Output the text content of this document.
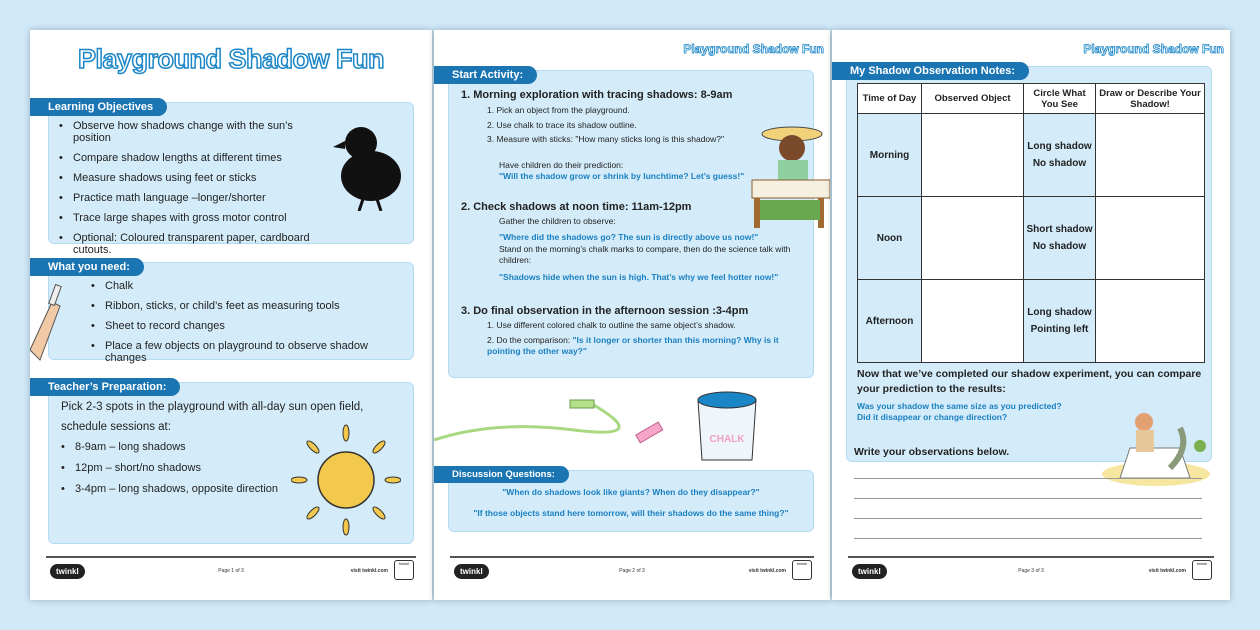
Playground Shadow Fun
• Observe how shadows change with the sun’s position
• Compare shadow lengths at different times
• Measure shadows using feet or sticks
• Practice math language –longer/shorter
• Trace large shapes with gross motor control
• Optional: Coloured transparent paper, cardboard cutouts.
Learning Objectives
• Chalk
• Ribbon, sticks, or child’s feet as measuring tools
• Sheet to record changes
• Place a few objects on playground to observe shadow changes
What you need:
Pick 2-3 spots in the playground with all-day sun open field,
schedule sessions at:
• 8-9am – long shadows
• 12pm – short/no shadows
• 3-4pm – long shadows, opposite direction
Teacher’s Preparation:
twinkl	Page 1 of 3	visit twinkl.com
twinkl
Playground Shadow Fun
1. Morning exploration with tracing shadows: 8-9am
1. Pick an object from the playground.
2. Use chalk to trace its shadow outline.
3. Measure with sticks: "How many sticks long is this shadow?"
Have children do their prediction:
"Will the shadow grow or shrink by lunchtime? Let’s guess!"
2. Check shadows at noon time: 11am-12pm
Gather the children to observe:
"Where did the shadows go? The sun is directly above us now!"
Stand on the morning’s chalk marks to compare, then do the science talk with children:
"Shadows hide when the sun is high. That’s why we feel hotter now!"
3. Do final observation in the afternoon session :3-4pm
1. Use different colored chalk to outline the same object’s shadow.
2. Do the comparison: "Is it longer or shorter than this morning? Why is it pointing the other way?"
Start Activity:
CHALK
"When do shadows look like giants? When do they disappear?"
"If those objects stand here tomorrow, will their shadows do the same thing?"
Discussion Questions:
twinkl	Page 2 of 3	visit twinkl.com
twinkl
Playground Shadow Fun
Time of Day	Observed Object	Circle What You See	Draw or Describe Your Shadow!
Morning		Long shadow
No shadow	

Noon		Short shadow
No shadow	

Afternoon		Long shadow
Pointing left	

Now that we’ve completed our shadow experiment, you can compare your prediction to the results:
Was your shadow the same size as you predicted?
Did it disappear or change direction?
My Shadow Observation Notes:
Write your observations below.
twinkl	Page 3 of 3	visit twinkl.com
twinkl
